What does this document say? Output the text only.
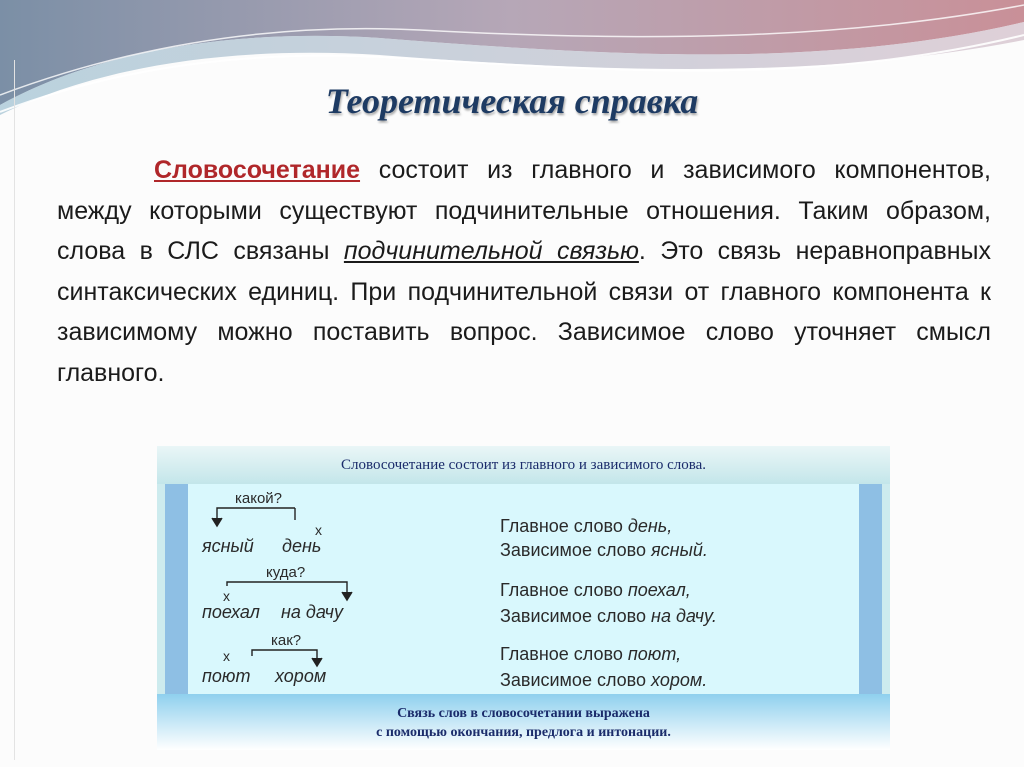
Теоретическая справка
Словосочетание состоит из главного и зависимого компонентов, между которыми существуют подчинительные отношения. Таким образом, слова в СЛС связаны подчинительной связью. Это связь неравноправных синтаксических единиц. При подчинительной связи от главного компонента к зависимому можно поставить вопрос. Зависимое слово уточняет смысл главного.
Словосочетание состоит из главного и зависимого слова.
какой?
x
ясный день
куда?
x
поехал на дачу
как?
x
поют хором
Главное слово день,
Зависимое слово ясный.
Главное слово поехал,
Зависимое слово на дачу.
Главное слово поют,
Зависимое слово хором.
Связь слов в словосочетании выражена
с помощью окончания, предлога и интонации.
